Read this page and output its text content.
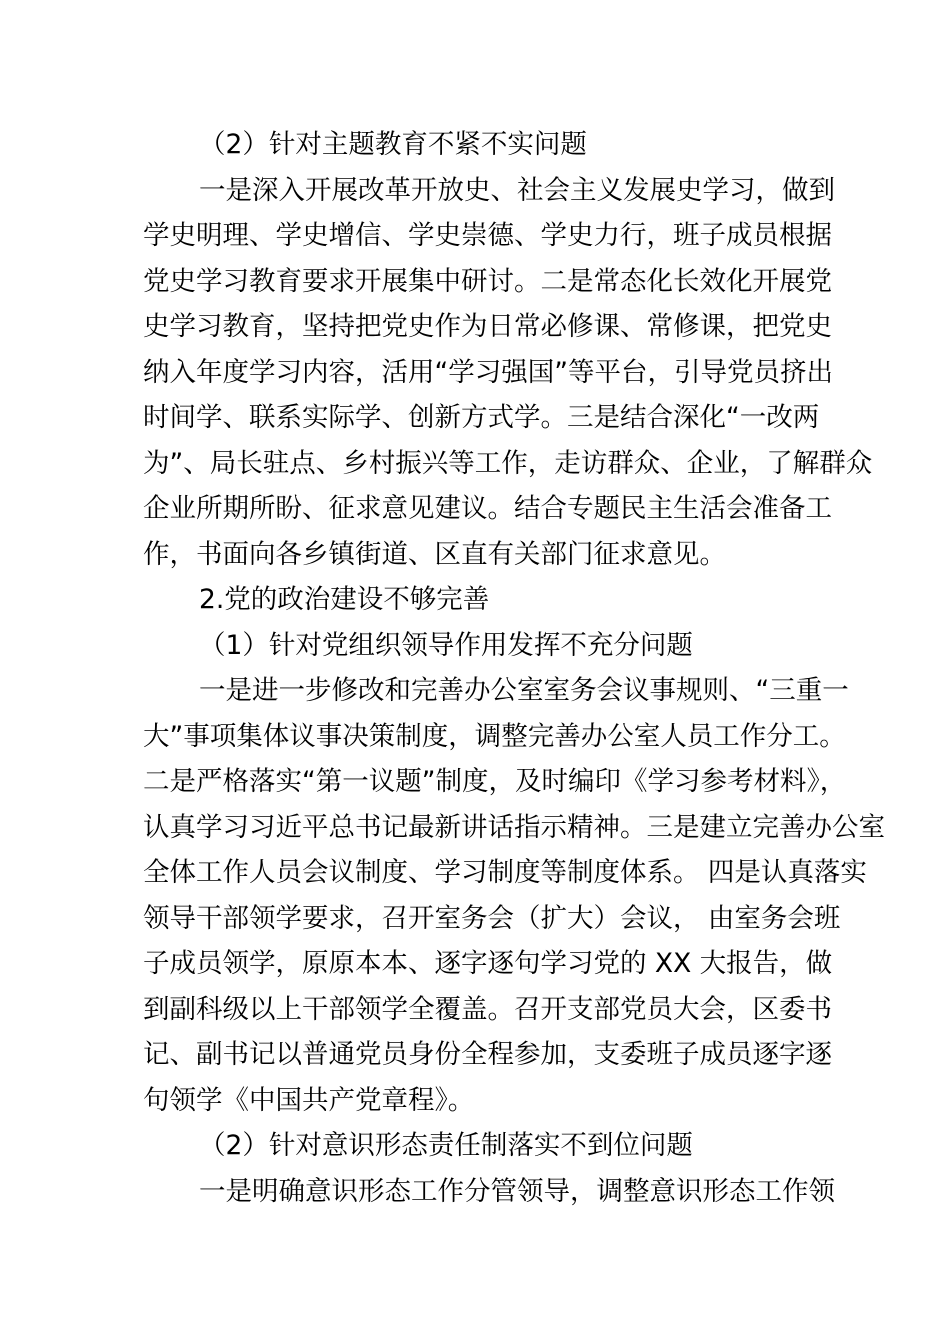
（2）针对主题教育不紧不实问题
一是深入开展改革开放史、社会主义发展史学习，做到
学史明理、学史增信、学史崇德、学史力行，班子成员根据
党史学习教育要求开展集中研讨。二是常态化长效化开展党
史学习教育，坚持把党史作为日常必修课、常修课，把党史
纳入年度学习内容，活用“学习强国”等平台，引导党员挤出
时间学、联系实际学、创新方式学。三是结合深化“一改两
为”、局长驻点、乡村振兴等工作，走访群众、企业，了解群众
企业所期所盼、征求意见建议。结合专题民主生活会准备工
作，书面向各乡镇街道、区直有关部门征求意见。
2.党的政治建设不够完善
（1）针对党组织领导作用发挥不充分问题
一是进一步修改和完善办公室室务会议事规则、“三重一
大”事项集体议事决策制度，调整完善办公室人员工作分工。
二是严格落实“第一议题”制度，及时编印《学习参考材料》，
认真学习习近平总书记最新讲话指示精神。三是建立完善办公室
全体工作人员会议制度、学习制度等制度体系。 四是认真落实
领导干部领学要求，召开室务会（扩大）会议， 由室务会班
子成员领学，原原本本、逐字逐句学习党的 XX 大报告，做
到副科级以上干部领学全覆盖。召开支部党员大会，区委书
记、副书记以普通党员身份全程参加，支委班子成员逐字逐
句领学《中国共产党章程》。
（2）针对意识形态责任制落实不到位问题
一是明确意识形态工作分管领导，调整意识形态工作领
